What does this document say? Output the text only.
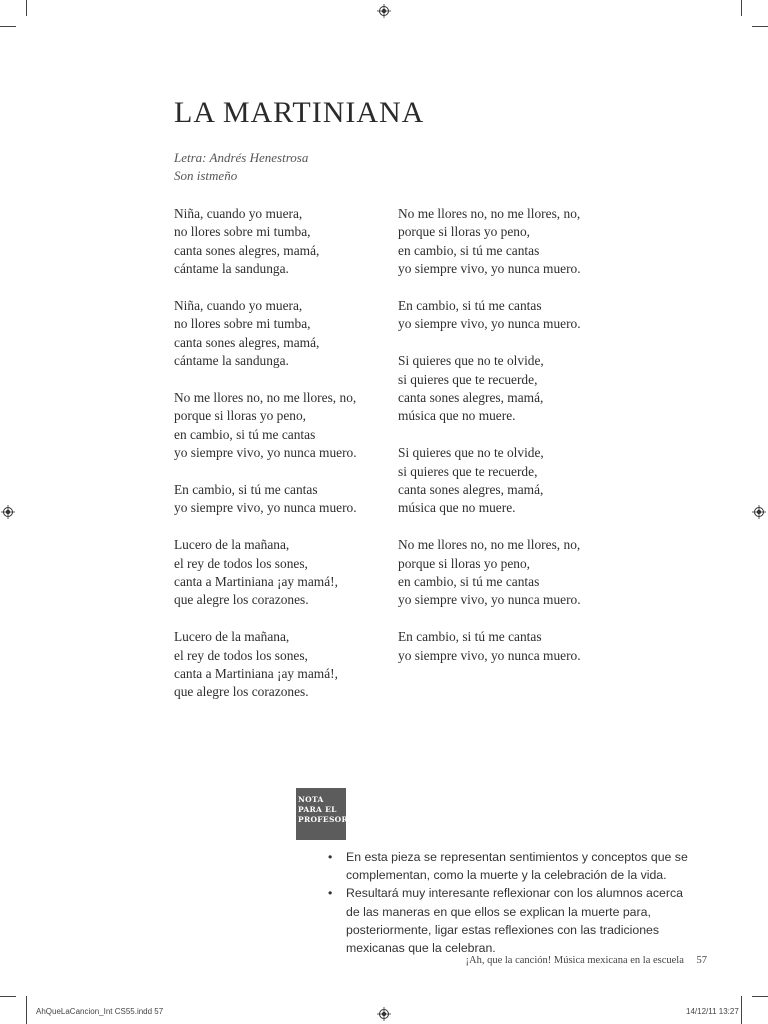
LA MARTINIANA
Letra: Andrés Henestrosa
Son istmeño
Niña, cuando yo muera,
no llores sobre mi tumba,
canta sones alegres, mamá,
cántame la sandunga.
Niña, cuando yo muera,
no llores sobre mi tumba,
canta sones alegres, mamá,
cántame la sandunga.
No me llores no, no me llores, no,
porque si lloras yo peno,
en cambio, si tú me cantas
yo siempre vivo, yo nunca muero.
En cambio, si tú me cantas
yo siempre vivo, yo nunca muero.
Lucero de la mañana,
el rey de todos los sones,
canta a Martiniana ¡ay mamá!,
que alegre los corazones.
Lucero de la mañana,
el rey de todos los sones,
canta a Martiniana ¡ay mamá!,
que alegre los corazones.
No me llores no, no me llores, no,
porque si lloras yo peno,
en cambio, si tú me cantas
yo siempre vivo, yo nunca muero.
En cambio, si tú me cantas
yo siempre vivo, yo nunca muero.
Si quieres que no te olvide,
si quieres que te recuerde,
canta sones alegres, mamá,
música que no muere.
Si quieres que no te olvide,
si quieres que te recuerde,
canta sones alegres, mamá,
música que no muere.
No me llores no, no me llores, no,
porque si lloras yo peno,
en cambio, si tú me cantas
yo siempre vivo, yo nunca muero.
En cambio, si tú me cantas
yo siempre vivo, yo nunca muero.
NOTA
PARA EL
PROFESOR
• En esta pieza se representan sentimientos y conceptos que se complementan, como la muerte y la celebración de la vida.
• Resultará muy interesante reflexionar con los alumnos acerca de las maneras en que ellos se explican la muerte para, posteriormente, ligar estas reflexiones con las tradiciones mexicanas que la celebran.
¡Ah, que la canción! Música mexicana en la escuela 57
AhQueLaCancion_Int CS55.indd 57	14/12/11 13:27
